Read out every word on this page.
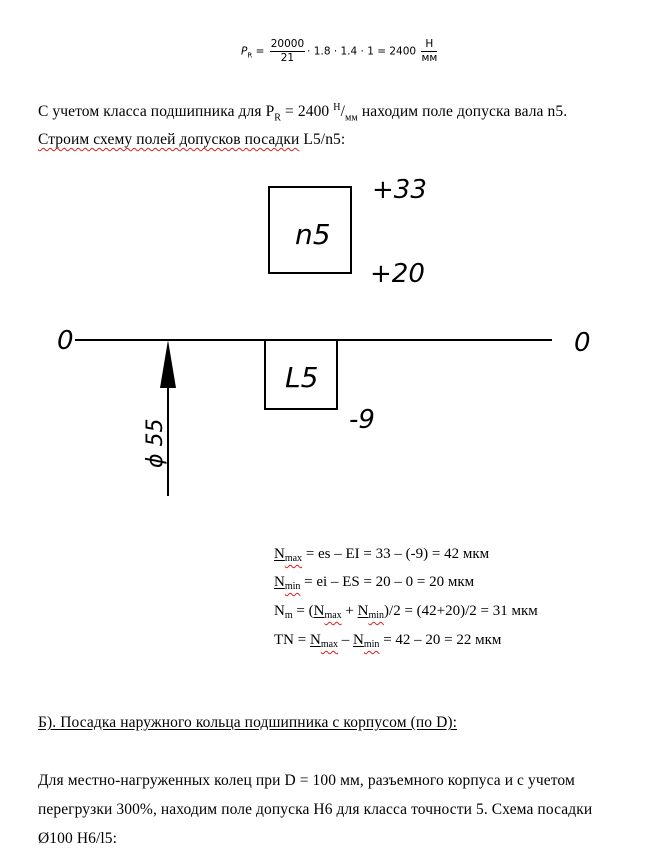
$P_R = \frac{20000}{21} \cdot 1.8 \cdot 1.4 \cdot 1 = 2400 \frac{Н}{мм}$
С учетом класса подшипника для $P_R = 2400$ $^Н/_{мм}$ находим поле допуска вала n5.
Строим схему полей допусков посадки L5/n5:
0	0
n5
+33
+20
L5
-9
ϕ 55
$N_{max}$ = es – EI = 33 – (-9) = 42 мкм
$N_{min}$ = ei – ES = 20 – 0 = 20 мкм
$N_m = (N_{max} + N_{min})/2 = (42+20)/2 = 31$ мкм
TN = $N_{max} - N_{min} = 42 - 20 = 22$ мкм
Б). Посадка наружного кольца подшипника с корпусом (по D):
Для местно-нагруженных колец при D = 100 мм, разъемного корпуса и с учетом
перегрузки 300%, находим поле допуска Н6 для класса точности 5. Схема посадки
Ø100 Н6/l5:
